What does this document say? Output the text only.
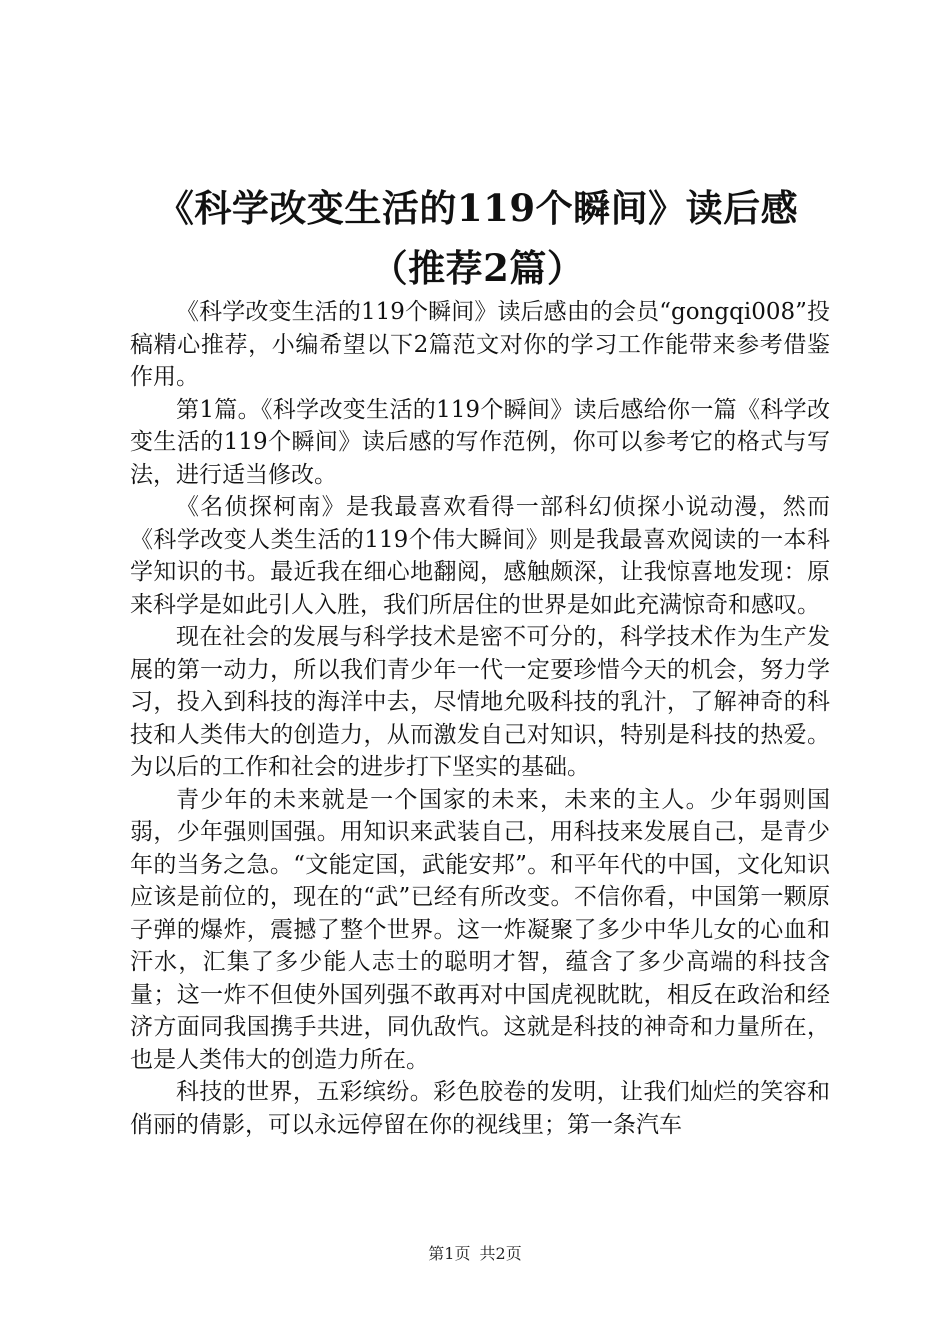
《科学改变生活的119个瞬间》读后感（推荐2篇）

《科学改变生活的119个瞬间》读后感由的会员“gongqi008”投稿精心推荐，小编希望以下2篇范文对你的学习工作能带来参考借鉴作用。

第1篇。《科学改变生活的119个瞬间》读后感给你一篇《科学改变生活的119个瞬间》读后感的写作范例，你可以参考它的格式与写法，进行适当修改。

《名侦探柯南》是我最喜欢看得一部科幻侦探小说动漫，然而《科学改变人类生活的119个伟大瞬间》则是我最喜欢阅读的一本科学知识的书。最近我在细心地翻阅，感触颇深，让我惊喜地发现：原来科学是如此引人入胜，我们所居住的世界是如此充满惊奇和感叹。

现在社会的发展与科学技术是密不可分的，科学技术作为生产发展的第一动力，所以我们青少年一代一定要珍惜今天的机会，努力学习，投入到科技的海洋中去，尽情地允吸科技的乳汁，了解神奇的科技和人类伟大的创造力，从而激发自己对知识，特别是科技的热爱。为以后的工作和社会的进步打下坚实的基础。

青少年的未来就是一个国家的未来，未来的主人。少年弱则国弱，少年强则国强。用知识来武装自己，用科技来发展自己，是青少年的当务之急。“文能定国，武能安邦”。和平年代的中国，文化知识应该是前位的，现在的“武”已经有所改变。不信你看，中国第一颗原子弹的爆炸，震撼了整个世界。这一炸凝聚了多少中华儿女的心血和汗水，汇集了多少能人志士的聪明才智，蕴含了多少高端的科技含量；这一炸不但使外国列强不敢再对中国虎视眈眈，相反在政治和经济方面同我国携手共进，同仇敌忾。这就是科技的神奇和力量所在，也是人类伟大的创造力所在。

科技的世界，五彩缤纷。彩色胶卷的发明，让我们灿烂的笑容和俏丽的倩影，可以永远停留在你的视线里；第一条汽车

第1页 共2页
